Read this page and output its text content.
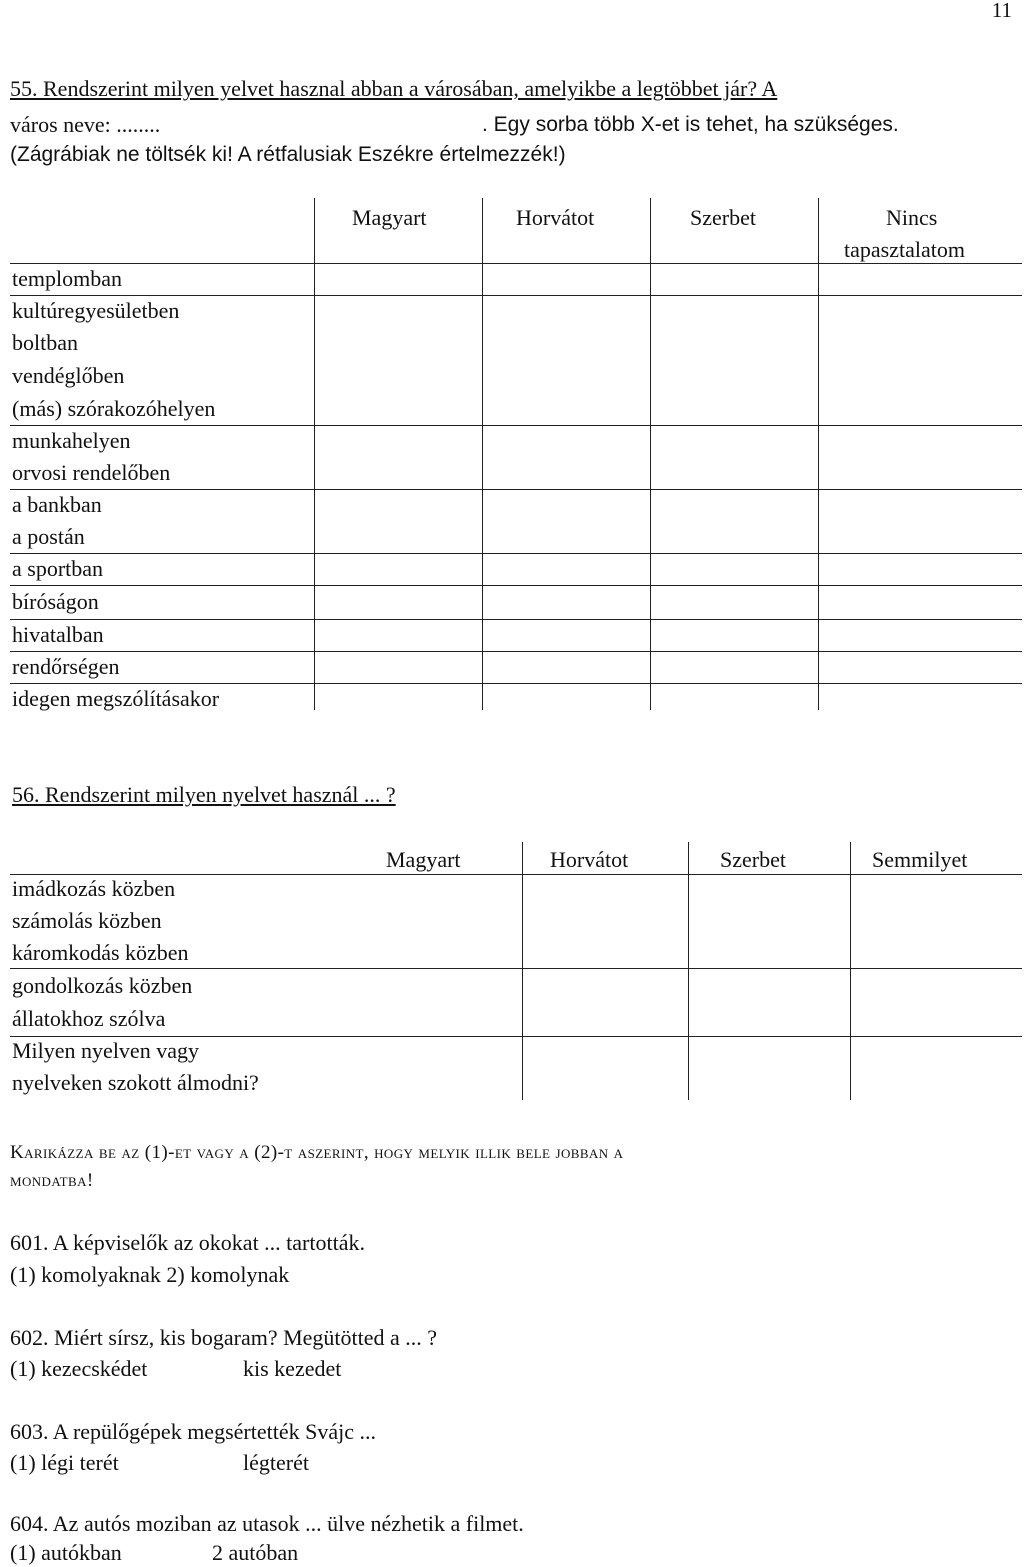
11
55. Rendszerint milyen yelvet hasznal abban a városában, amelyikbe a legtöbbet jár? A
város neve: ........	. Egy sorba több X-et is tehet, ha szükséges.
(Zágrábiak ne töltsék ki! A rétfalusiak Eszékre értelmezzék!)
Magyart	Horvátot	Szerbet	Nincs
tapasztalatom
templomban
kultúregyesületben
boltban
vendéglőben
(más) szórakozóhelyen
munkahelyen
orvosi rendelőben
a bankban
a postán
a sportban
bíróságon
hivatalban
rendőrségen
idegen megszólításakor
56. Rendszerint milyen nyelvet használ ... ?
Magyart	Horvátot	Szerbet	Semmilyet
imádkozás közben
számolás közben
káromkodás közben
gondolkozás közben
állatokhoz szólva
Milyen nyelven vagy
nyelveken szokott álmodni?
Karikázza be az (1)-et vagy a (2)-t aszerint, hogy melyik illik bele jobban a
mondatba!
601. A képviselők az okokat ... tartották.
(1) komolyaknak 2) komolynak
602. Miért sírsz, kis bogaram? Megütötted a ... ?
(1) kezecskédet	kis kezedet
603. A repülőgépek megsértették Svájc ...
(1) légi terét	légterét
604. Az autós moziban az utasok ... ülve nézhetik a filmet.
(1) autókban	2 autóban
